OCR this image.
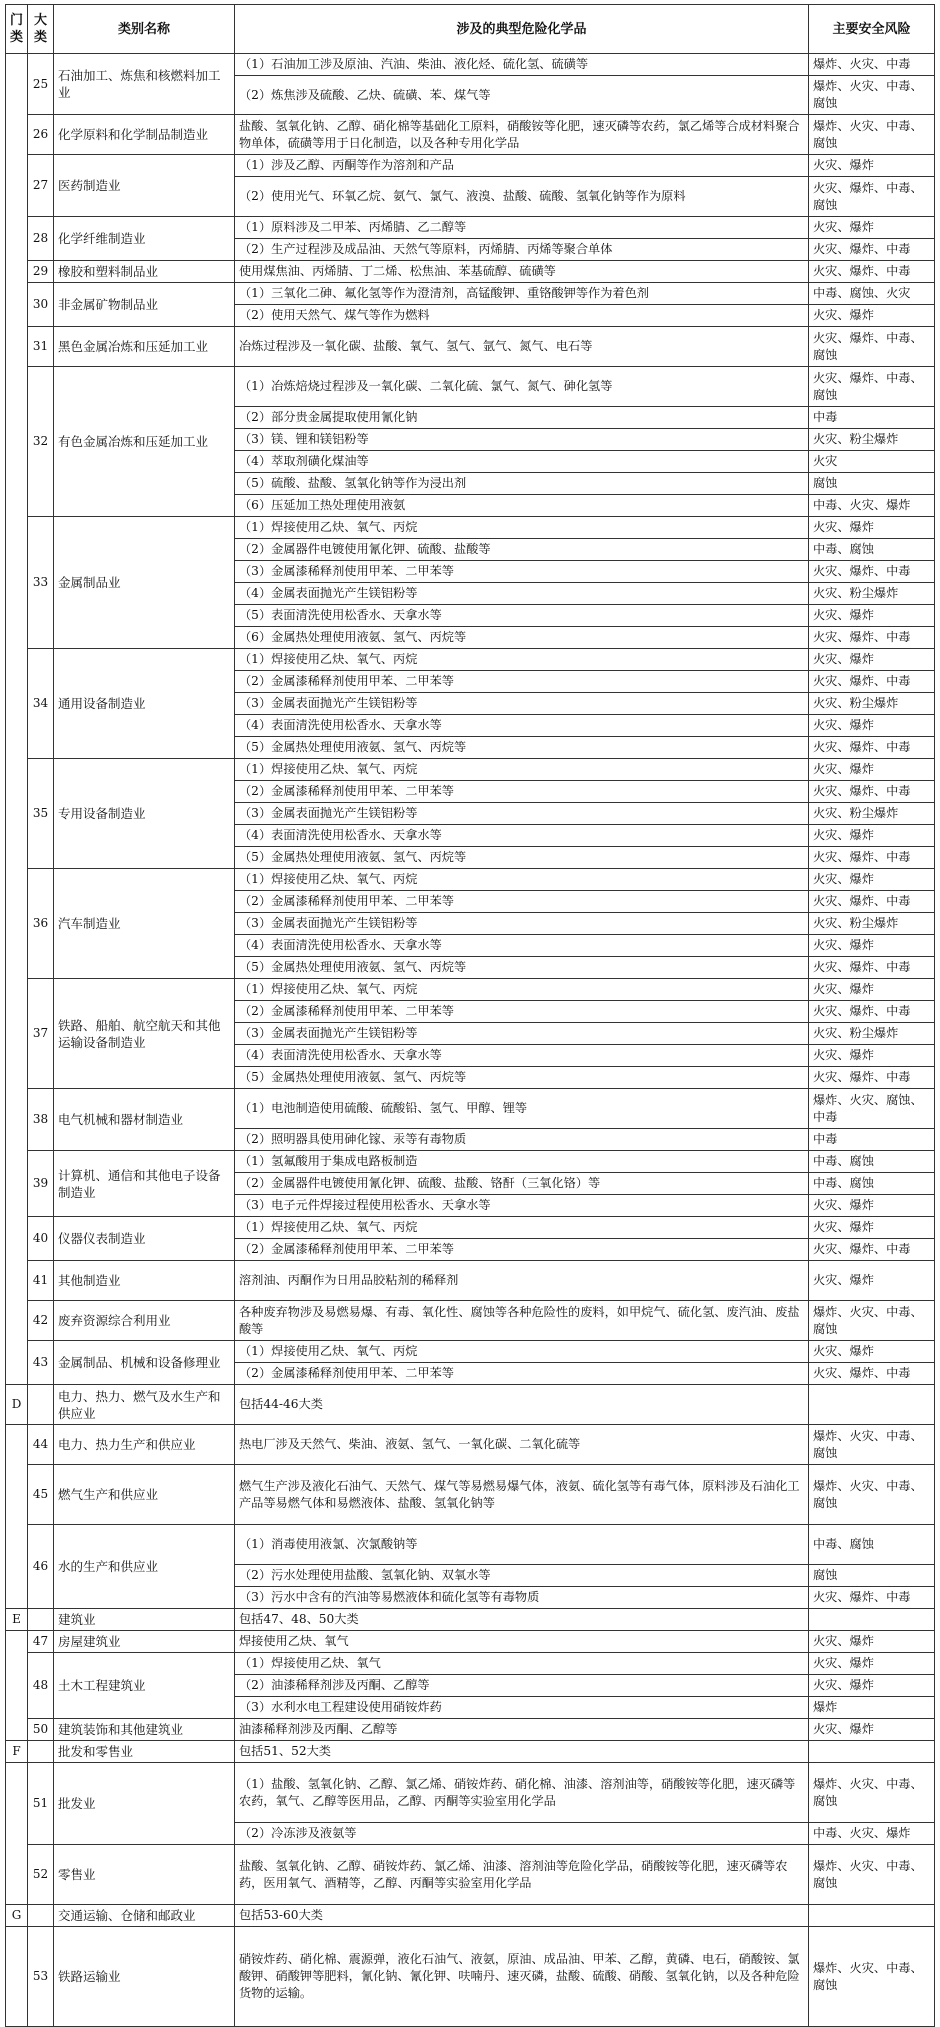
门类	大类	类别名称	涉及的典型危险化学品	主要安全风险
	25	石油加工、炼焦和核燃料加工业	（1）石油加工涉及原油、汽油、柴油、液化烃、硫化氢、硫磺等	爆炸、火灾、中毒
			（2）炼焦涉及硫酸、乙炔、硫磺、苯、煤气等	爆炸、火灾、中毒、腐蚀
	26	化学原料和化学制品制造业	盐酸、氢氧化钠、乙醇、硝化棉等基础化工原料，硝酸铵等化肥，速灭磷等农药，氯乙烯等合成材料聚合物单体，硫磺等用于日化制造，以及各种专用化学品	爆炸、火灾、中毒、腐蚀
	27	医药制造业	（1）涉及乙醇、丙酮等作为溶剂和产品	火灾、爆炸
			（2）使用光气、环氧乙烷、氨气、氯气、液溴、盐酸、硫酸、氢氧化钠等作为原料	火灾、爆炸、中毒、腐蚀
	28	化学纤维制造业	（1）原料涉及二甲苯、丙烯腈、乙二醇等	火灾、爆炸
			（2）生产过程涉及成品油、天然气等原料，丙烯腈、丙烯等聚合单体	火灾、爆炸、中毒
	29	橡胶和塑料制品业	使用煤焦油、丙烯腈、丁二烯、松焦油、苯基硫醇、硫磺等	火灾、爆炸、中毒
	30	非金属矿物制品业	（1）三氧化二砷、氟化氢等作为澄清剂，高锰酸钾、重铬酸钾等作为着色剂	中毒、腐蚀、火灾
			（2）使用天然气、煤气等作为燃料	火灾、爆炸
	31	黑色金属冶炼和压延加工业	冶炼过程涉及一氧化碳、盐酸、氧气、氢气、氩气、氮气、电石等	火灾、爆炸、中毒、腐蚀
	32	有色金属冶炼和压延加工业	（1）冶炼焙烧过程涉及一氧化碳、二氧化硫、氯气、氮气、砷化氢等	火灾、爆炸、中毒、腐蚀
			（2）部分贵金属提取使用氰化钠	中毒
			（3）镁、锂和镁铝粉等	火灾、粉尘爆炸
			（4）萃取剂磺化煤油等	火灾
			（5）硫酸、盐酸、氢氧化钠等作为浸出剂	腐蚀
			（6）压延加工热处理使用液氨	中毒、火灾、爆炸
	33	金属制品业	（1）焊接使用乙炔、氧气、丙烷	火灾、爆炸
			（2）金属器件电镀使用氰化钾、硫酸、盐酸等	中毒、腐蚀
			（3）金属漆稀释剂使用甲苯、二甲苯等	火灾、爆炸、中毒
			（4）金属表面抛光产生镁铝粉等	火灾、粉尘爆炸
			（5）表面清洗使用松香水、天拿水等	火灾、爆炸
			（6）金属热处理使用液氨、氢气、丙烷等	火灾、爆炸、中毒
	34	通用设备制造业	（1）焊接使用乙炔、氧气、丙烷	火灾、爆炸
			（2）金属漆稀释剂使用甲苯、二甲苯等	火灾、爆炸、中毒
			（3）金属表面抛光产生镁铝粉等	火灾、粉尘爆炸
			（4）表面清洗使用松香水、天拿水等	火灾、爆炸
			（5）金属热处理使用液氨、氢气、丙烷等	火灾、爆炸、中毒
	35	专用设备制造业	（1）焊接使用乙炔、氧气、丙烷	火灾、爆炸
			（2）金属漆稀释剂使用甲苯、二甲苯等	火灾、爆炸、中毒
			（3）金属表面抛光产生镁铝粉等	火灾、粉尘爆炸
			（4）表面清洗使用松香水、天拿水等	火灾、爆炸
			（5）金属热处理使用液氨、氢气、丙烷等	火灾、爆炸、中毒
	36	汽车制造业	（1）焊接使用乙炔、氧气、丙烷	火灾、爆炸
			（2）金属漆稀释剂使用甲苯、二甲苯等	火灾、爆炸、中毒
			（3）金属表面抛光产生镁铝粉等	火灾、粉尘爆炸
			（4）表面清洗使用松香水、天拿水等	火灾、爆炸
			（5）金属热处理使用液氨、氢气、丙烷等	火灾、爆炸、中毒
	37	铁路、船舶、航空航天和其他运输设备制造业	（1）焊接使用乙炔、氧气、丙烷	火灾、爆炸
			（2）金属漆稀释剂使用甲苯、二甲苯等	火灾、爆炸、中毒
			（3）金属表面抛光产生镁铝粉等	火灾、粉尘爆炸
			（4）表面清洗使用松香水、天拿水等	火灾、爆炸
			（5）金属热处理使用液氨、氢气、丙烷等	火灾、爆炸、中毒
	38	电气机械和器材制造业	（1）电池制造使用硫酸、硫酸铅、氢气、甲醇、锂等	爆炸、火灾、腐蚀、中毒
			（2）照明器具使用砷化镓、汞等有毒物质	中毒
	39	计算机、通信和其他电子设备制造业	（1）氢氟酸用于集成电路板制造	中毒、腐蚀
			（2）金属器件电镀使用氰化钾、硫酸、盐酸、铬酐（三氧化铬）等	中毒、腐蚀
			（3）电子元件焊接过程使用松香水、天拿水等	火灾、爆炸
	40	仪器仪表制造业	（1）焊接使用乙炔、氧气、丙烷	火灾、爆炸
			（2）金属漆稀释剂使用甲苯、二甲苯等	火灾、爆炸、中毒
	41	其他制造业	溶剂油、丙酮作为日用品胶粘剂的稀释剂	火灾、爆炸
	42	废弃资源综合利用业	各种废弃物涉及易燃易爆、有毒、氧化性、腐蚀等各种危险性的废料，如甲烷气、硫化氢、废汽油、废盐酸等	爆炸、火灾、中毒、腐蚀
	43	金属制品、机械和设备修理业	（1）焊接使用乙炔、氧气、丙烷	火灾、爆炸
			（2）金属漆稀释剂使用甲苯、二甲苯等	火灾、爆炸、中毒
D		电力、热力、燃气及水生产和供应业	包括44-46大类	
	44	电力、热力生产和供应业	热电厂涉及天然气、柴油、液氨、氢气、一氧化碳、二氧化硫等	爆炸、火灾、中毒、腐蚀
	45	燃气生产和供应业	燃气生产涉及液化石油气、天然气、煤气等易燃易爆气体，液氨、硫化氢等有毒气体，原料涉及石油化工产品等易燃气体和易燃液体、盐酸、氢氧化钠等	爆炸、火灾、中毒、腐蚀
	46	水的生产和供应业	（1）消毒使用液氯、次氯酸钠等	中毒、腐蚀
			（2）污水处理使用盐酸、氢氧化钠、双氧水等	腐蚀
			（3）污水中含有的汽油等易燃液体和硫化氢等有毒物质	火灾、爆炸、中毒
E		建筑业	包括47、48、50大类	
	47	房屋建筑业	焊接使用乙炔、氧气	火灾、爆炸
	48	土木工程建筑业	（1）焊接使用乙炔、氧气	火灾、爆炸
			（2）油漆稀释剂涉及丙酮、乙醇等	火灾、爆炸
			（3）水利水电工程建设使用硝铵炸药	爆炸
	50	建筑装饰和其他建筑业	油漆稀释剂涉及丙酮、乙醇等	火灾、爆炸
F		批发和零售业	包括51、52大类	
	51	批发业	（1）盐酸、氢氧化钠、乙醇、氯乙烯、硝铵炸药、硝化棉、油漆、溶剂油等，硝酸铵等化肥，速灭磷等农药，氧气、乙醇等医用品，乙醇、丙酮等实验室用化学品	爆炸、火灾、中毒、腐蚀
			（2）冷冻涉及液氨等	中毒、火灾、爆炸
	52	零售业	盐酸、氢氧化钠、乙醇、硝铵炸药、氯乙烯、油漆、溶剂油等危险化学品，硝酸铵等化肥，速灭磷等农药，医用氧气、酒精等，乙醇、丙酮等实验室用化学品	爆炸、火灾、中毒、腐蚀
G		交通运输、仓储和邮政业	包括53-60大类	
	53	铁路运输业	硝铵炸药、硝化棉、震源弹，液化石油气、液氨，原油、成品油、甲苯、乙醇，黄磷、电石，硝酸铵、氯酸钾、硝酸钾等肥料，氰化钠、氰化钾、呋喃丹、速灭磷，盐酸、硫酸、硝酸、氢氧化钠，以及各种危险货物的运输。	爆炸、火灾、中毒、腐蚀
